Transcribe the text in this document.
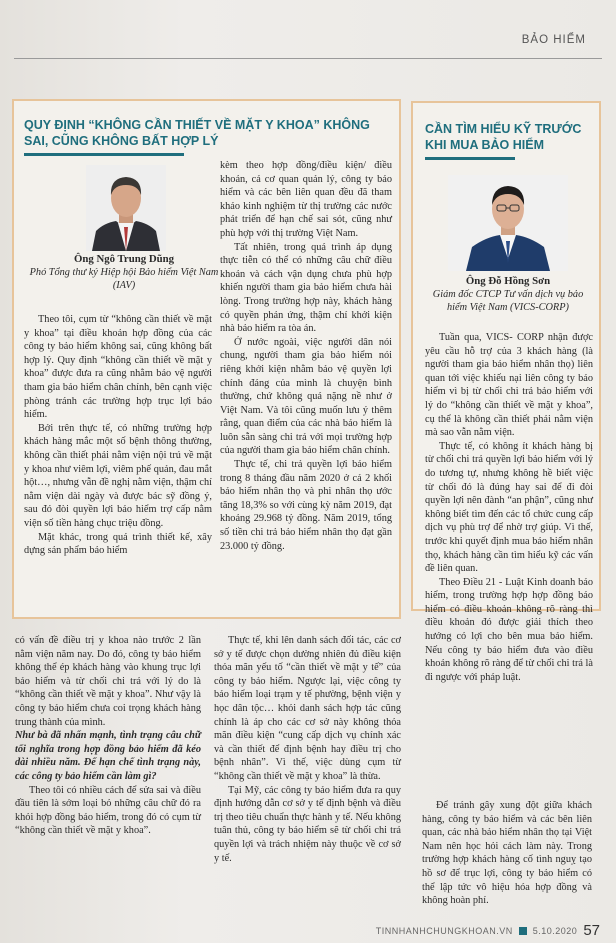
BẢO HIỂM
QUY ĐỊNH “KHÔNG CẦN THIẾT VỀ MẶT Y KHOA” KHÔNG SAI, CŨNG KHÔNG BẤT HỢP LÝ
Ông Ngô Trung Dũng
Phó Tổng thư ký Hiệp hội Bảo hiểm Việt Nam (IAV)

Theo tôi, cụm từ “không cần thiết về mặt y khoa” tại điều khoản hợp đồng của các công ty bảo hiểm không sai, cũng không bất hợp lý. Quy định “không cần thiết về mặt y khoa” được đưa ra cũng nhằm bảo vệ người tham gia bảo hiểm chân chính, bên cạnh việc phòng tránh các trường hợp trục lợi bảo hiểm.

Bởi trên thực tế, có những trường hợp khách hàng mắc một số bệnh thông thường, không cần thiết phải nằm viện nội trú về mặt y khoa như viêm lợi, viêm phế quản, đau mắt hột…, nhưng vẫn đề nghị nằm viện, thậm chí nằm viện dài ngày và được bác sỹ đồng ý, sau đó đòi quyền lợi bảo hiểm trợ cấp nằm viện số tiền hàng chục triệu đồng.

Mặt khác, trong quá trình thiết kế, xây dựng sản phẩm bảo hiểm

kèm theo hợp đồng/điều kiện/ điều khoản, cả cơ quan quản lý, công ty bảo hiểm và các bên liên quan đều đã tham khảo kinh nghiệm từ thị trường các nước phát triển để hạn chế sai sót, cũng như phù hợp với thị trường Việt Nam.

Tất nhiên, trong quá trình áp dụng thực tiễn có thể có những câu chữ điều khoản và cách vận dụng chưa phù hợp khiến người tham gia bảo hiểm chưa hài lòng. Trong trường hợp này, khách hàng có quyền phản ứng, thậm chí khởi kiện nhà bảo hiểm ra tòa án.

Ở nước ngoài, việc người dân nói chung, người tham gia bảo hiểm nói riêng khởi kiện nhằm bảo vệ quyền lợi chính đáng của mình là chuyện bình thường, chứ không quá nặng nề như ở Việt Nam. Và tôi cũng muốn lưu ý thêm rằng, quan điểm của các nhà bảo hiểm là luôn sẵn sàng chi trả với mọi trường hợp của người tham gia bảo hiểm chân chính.

Thực tế, chi trả quyền lợi bảo hiểm trong 8 tháng đầu năm 2020 ở cả 2 khối bảo hiểm nhân thọ và phi nhân thọ ước tăng 18,3% so với cùng kỳ năm 2019, đạt khoảng 29.968 tỷ đồng. Năm 2019, tổng số tiền chi trả bảo hiểm nhân thọ đạt gần 23.000 tỷ đồng.

CẦN TÌM HIỂU KỸ TRƯỚC KHI MUA BẢO HIỂM
Ông Đỗ Hồng Sơn
Giám đốc CTCP Tư vấn dịch vụ bảo hiểm Việt Nam (VICS-CORP)

Tuần qua, VICS- CORP nhận được yêu cầu hỗ trợ của 3 khách hàng (là người tham gia bảo hiểm nhân thọ) liên quan tới việc khiếu nại liên công ty bảo hiểm vì bị từ chối chi trả bảo hiểm với lý do “không cần thiết về mặt y khoa”, cụ thể là không cần thiết phải nằm viện mà sao vẫn nằm viện.

Thực tế, có không ít khách hàng bị từ chối chi trả quyền lợi bảo hiểm với lý do tương tự, nhưng không hề biết việc từ chối đó là đúng hay sai để đi đòi quyền lợi nên đành “an phận”, cũng như không biết tìm đến các tổ chức cung cấp dịch vụ phù trợ để nhờ trợ giúp. Vì thế, trước khi quyết định mua bảo hiểm nhân thọ, khách hàng cần tìm hiểu kỹ các vấn đề liên quan.

Theo Điều 21 - Luật Kinh doanh bảo hiểm, trong trường hợp hợp đồng bảo hiểm có điều khoản không rõ ràng thì điều khoản đó được giải thích theo hướng có lợi cho bên mua bảo hiểm. Nếu công ty bảo hiểm đưa vào điều khoản không rõ ràng để từ chối chi trả là đi ngược với pháp luật.

có vấn đề điều trị y khoa nào trước 2 lần nằm viện năm nay. Do đó, công ty bảo hiểm không thể ép khách hàng vào khung trục lợi bảo hiểm và từ chối chi trả với lý do là “không cần thiết về mặt y khoa”. Như vậy là công ty bảo hiểm chưa coi trọng khách hàng trung thành của mình.

Như bà đã nhấn mạnh, tình trạng câu chữ tối nghĩa trong hợp đồng bảo hiểm đã kéo dài nhiều năm. Để hạn chế tình trạng này, các công ty bảo hiểm cần làm gì?

Theo tôi có nhiều cách để sửa sai và điều đầu tiên là sớm loại bỏ những câu chữ đó ra khỏi hợp đồng bảo hiểm, trong đó có cụm từ “không cần thiết về mặt y khoa”.

Thực tế, khi lên danh sách đối tác, các cơ sở y tế được chọn dường nhiên đủ điều kiện thỏa mãn yếu tố “cần thiết về mặt y tế” của công ty bảo hiểm. Ngược lại, việc công ty bảo hiểm loại trạm y tế phường, bệnh viện y học dân tộc… khỏi danh sách hợp tác cũng chính là áp cho các cơ sở này không thỏa mãn điều kiện “cung cấp dịch vụ chính xác và cần thiết để định bệnh hay điều trị cho bệnh nhân”. Vì thế, việc dùng cụm từ “không cần thiết về mặt y khoa” là thừa.

Tại Mỹ, các công ty bảo hiểm đưa ra quy định hướng dẫn cơ sở y tế định bệnh và điều trị theo tiêu chuẩn thực hành y tế. Nếu không tuân thủ, công ty bảo hiểm sẽ từ chối chi trả quyền lợi và trách nhiệm này thuộc về cơ sở y tế.

Để tránh gây xung đột giữa khách hàng, công ty bảo hiểm và các bên liên quan, các nhà bảo hiểm nhân thọ tại Việt Nam nên học hỏi cách làm này. Trong trường hợp khách hàng cố tình nguỵ tạo hồ sơ để trục lợi, công ty bảo hiểm có thể lập tức vô hiệu hóa hợp đồng và không hoàn phí.

TINNHANHCHUNGKHOAN.VN 5.10.2020 57
